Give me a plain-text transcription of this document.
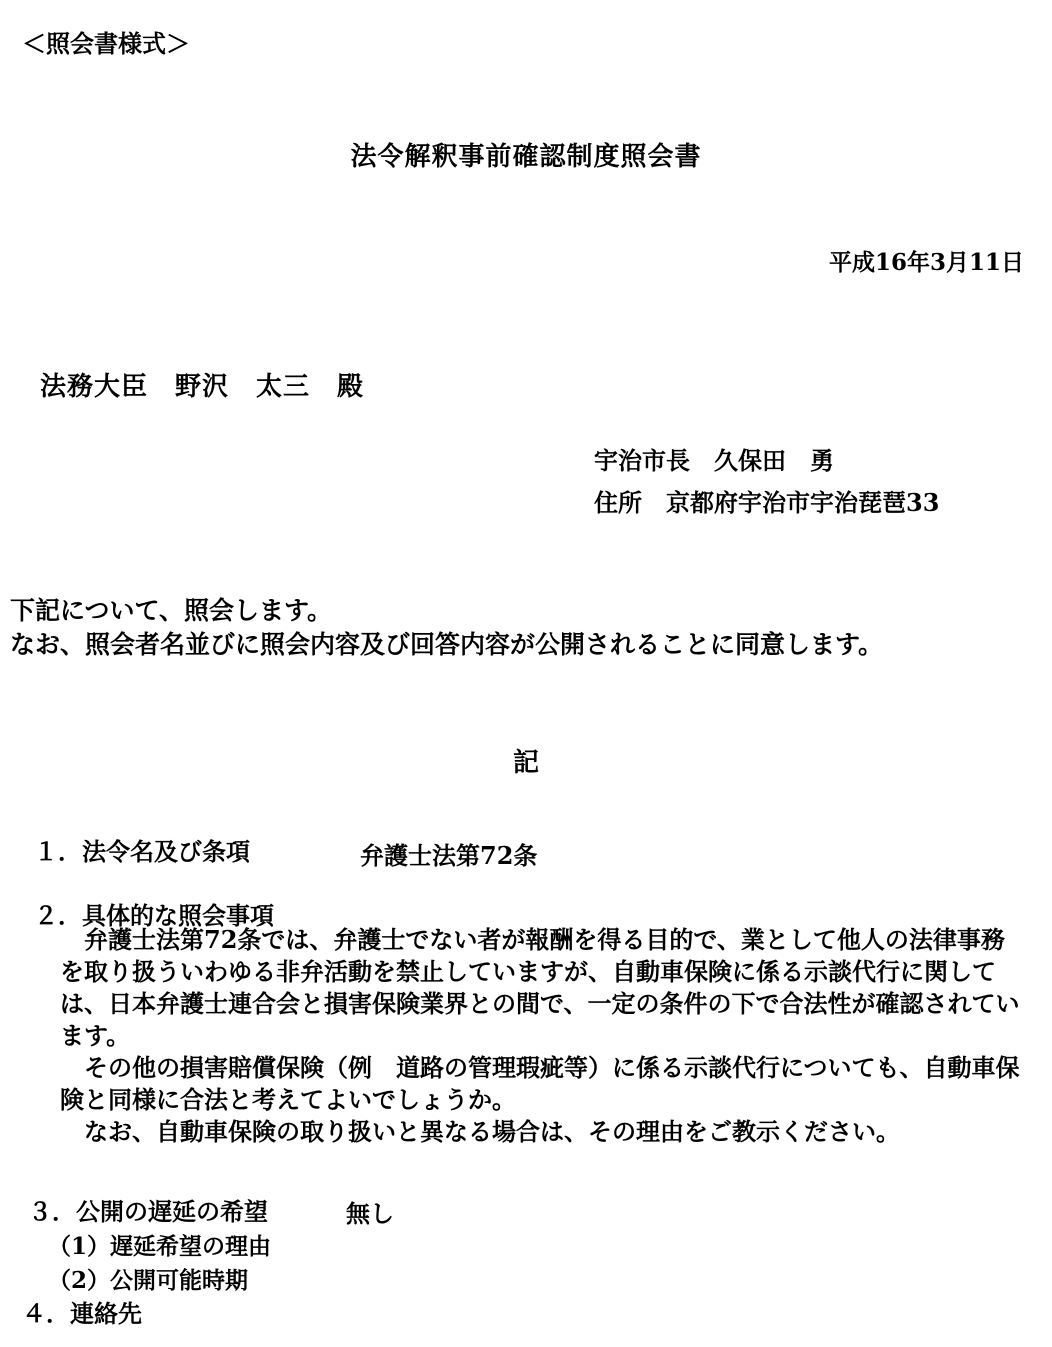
＜照会書様式＞
法令解釈事前確認制度照会書
平成16年3月11日
法務大臣　野沢　太三　殿
宇治市長　久保田　勇
住所　京都府宇治市宇治琵琶33
下記について、照会します。
なお、照会者名並びに照会内容及び回答内容が公開されることに同意します。
記
１．法令名及び条項	弁護士法第72条
２．具体的な照会事項

弁護士法第72条では、弁護士でない者が報酬を得る目的で、業として他人の法律事務を取り扱ういわゆる非弁活動を禁止していますが、自動車保険に係る示談代行に関しては、日本弁護士連合会と損害保険業界との間で、一定の条件の下で合法性が確認されています。

その他の損害賠償保険（例　道路の管理瑕疵等）に係る示談代行についても、自動車保険と同様に合法と考えてよいでしょうか。

なお、自動車保険の取り扱いと異なる場合は、その理由をご教示ください。

３．公開の遅延の希望	無し
（1）遅延希望の理由
（2）公開可能時期
４．連絡先
